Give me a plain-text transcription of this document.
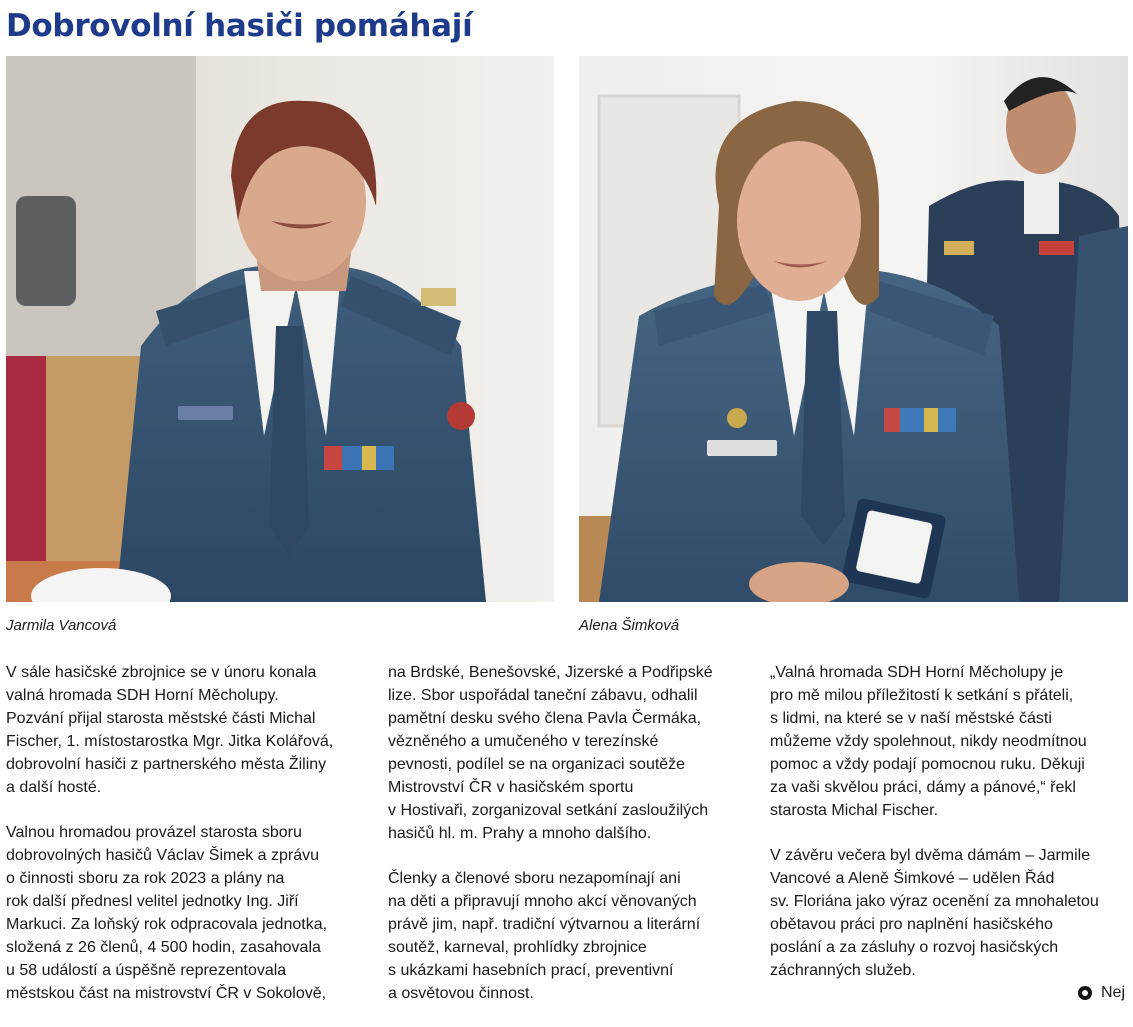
Dobrovolní hasiči pomáhají
Jarmila Vancová	Alena Šimková

V sále hasičské zbrojnice se v únoru konala
valná hromada SDH Horní Měcholupy.
Pozvání přijal starosta městské části Michal
Fischer, 1. místostarostka Mgr. Jitka Kolářová,
dobrovolní hasiči z partnerského města Žiliny
a další hosté.

Valnou hromadou provázel starosta sboru
dobrovolných hasičů Václav Šimek a zprávu
o činnosti sboru za rok 2023 a plány na
rok další přednesl velitel jednotky Ing. Jiří
Markuci. Za loňský rok odpracovala jednotka,
složená z 26 členů, 4 500 hodin, zasahovala
u 58 událostí a úspěšně reprezentovala
městskou část na mistrovství ČR v Sokolově,

na Brdské, Benešovské, Jizerské a Podřipské
lize. Sbor uspořádal taneční zábavu, odhalil
pamětní desku svého člena Pavla Čermáka,
vězněného a umučeného v terezínské
pevnosti, podílel se na organizaci soutěže
Mistrovství ČR v hasičském sportu
v Hostivaři, zorganizoval setkání zasloužilých
hasičů hl. m. Prahy a mnoho dalšího.

Členky a členové sboru nezapomínají ani
na děti a připravují mnoho akcí věnovaných
právě jim, např. tradiční výtvarnou a literární
soutěž, karneval, prohlídky zbrojnice
s ukázkami hasebních prací, preventivní
a osvětovou činnost.

„Valná hromada SDH Horní Měcholupy je
pro mě milou příležitostí k setkání s přáteli,
s lidmi, na které se v naší městské části
můžeme vždy spolehnout, nikdy neodmítnou
pomoc a vždy podají pomocnou ruku. Děkuji
za vaši skvělou práci, dámy a pánové,“ řekl
starosta Michal Fischer.

V závěru večera byl dvěma dámám – Jarmile
Vancové a Aleně Šimkové – udělen Řád
sv. Floriána jako výraz ocenění za mnohaletou
obětavou práci pro naplnění hasičského
poslání a za zásluhy o rozvoj hasičských
záchranných služeb.

Nej
